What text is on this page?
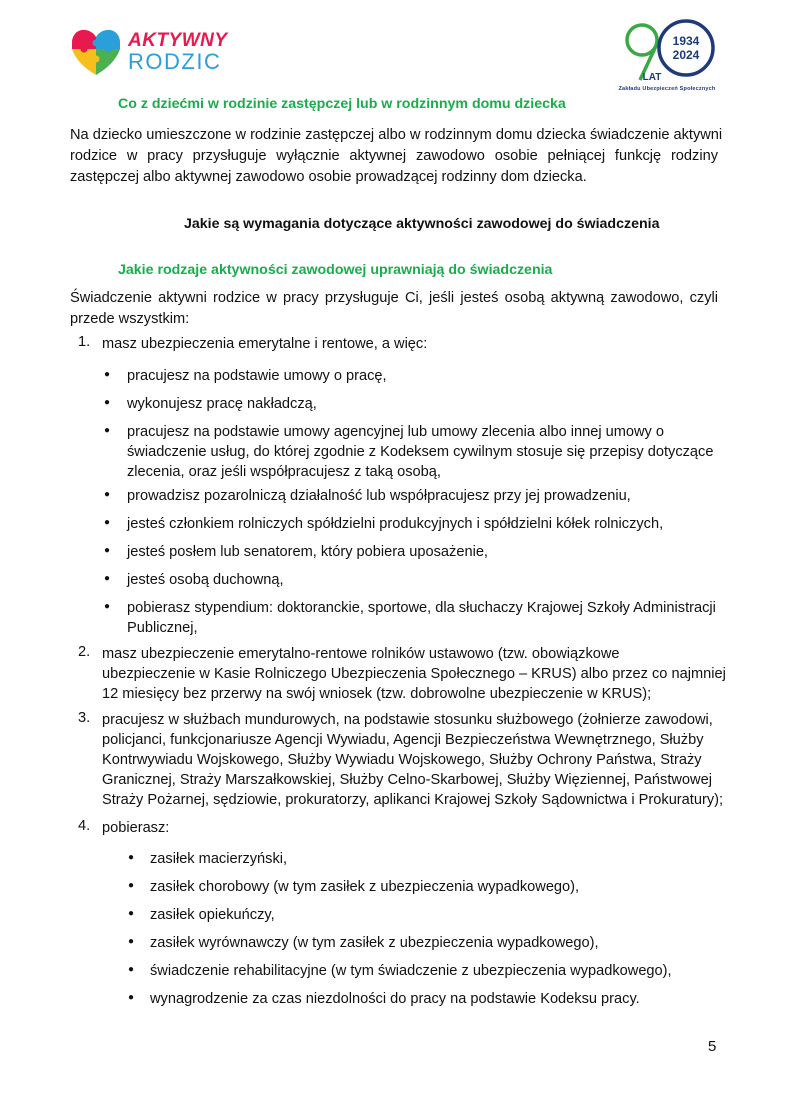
AKTYWNY
RODZIC
1934
2024
LAT
Zakładu Ubezpieczeń Społecznych
Co z dziećmi w rodzinie zastępczej lub w rodzinnym domu dziecka
Na dziecko umieszczone w rodzinie zastępczej albo w rodzinnym domu dziecka świadczenie aktywni
rodzice w pracy przysługuje wyłącznie aktywnej zawodowo osobie pełniącej funkcję rodziny
zastępczej albo aktywnej zawodowo osobie prowadzącej rodzinny dom dziecka.
Jakie są wymagania dotyczące aktywności zawodowej do świadczenia
Jakie rodzaje aktywności zawodowej uprawniają do świadczenia
Świadczenie aktywni rodzice w pracy przysługuje Ci, jeśli jesteś osobą aktywną zawodowo, czyli
przede wszystkim:
1. masz ubezpieczenia emerytalne i rentowe, a więc:
● pracujesz na podstawie umowy o pracę,
● wykonujesz pracę nakładczą,
● pracujesz na podstawie umowy agencyjnej lub umowy zlecenia albo innej umowy o
świadczenie usług, do której zgodnie z Kodeksem cywilnym stosuje się przepisy dotyczące
zlecenia, oraz jeśli współpracujesz z taką osobą,
● prowadzisz pozarolniczą działalność lub współpracujesz przy jej prowadzeniu,
● jesteś członkiem rolniczych spółdzielni produkcyjnych i spółdzielni kółek rolniczych,
● jesteś posłem lub senatorem, który pobiera uposażenie,
● jesteś osobą duchowną,
● pobierasz stypendium: doktoranckie, sportowe, dla słuchaczy Krajowej Szkoły Administracji
Publicznej,
2. masz ubezpieczenie emerytalno-rentowe rolników ustawowo (tzw. obowiązkowe
ubezpieczenie w Kasie Rolniczego Ubezpieczenia Społecznego – KRUS) albo przez co najmniej
12 miesięcy bez przerwy na swój wniosek (tzw. dobrowolne ubezpieczenie w KRUS);
3. pracujesz w służbach mundurowych, na podstawie stosunku służbowego (żołnierze zawodowi,
policjanci, funkcjonariusze Agencji Wywiadu, Agencji Bezpieczeństwa Wewnętrznego, Służby
Kontrwywiadu Wojskowego, Służby Wywiadu Wojskowego, Służby Ochrony Państwa, Straży
Granicznej, Straży Marszałkowskiej, Służby Celno-Skarbowej, Służby Więziennej, Państwowej
Straży Pożarnej, sędziowie, prokuratorzy, aplikanci Krajowej Szkoły Sądownictwa i Prokuratury);
4. pobierasz:
● zasiłek macierzyński,
● zasiłek chorobowy (w tym zasiłek z ubezpieczenia wypadkowego),
● zasiłek opiekuńczy,
● zasiłek wyrównawczy (w tym zasiłek z ubezpieczenia wypadkowego),
● świadczenie rehabilitacyjne (w tym świadczenie z ubezpieczenia wypadkowego),
● wynagrodzenie za czas niezdolności do pracy na podstawie Kodeksu pracy.
5
